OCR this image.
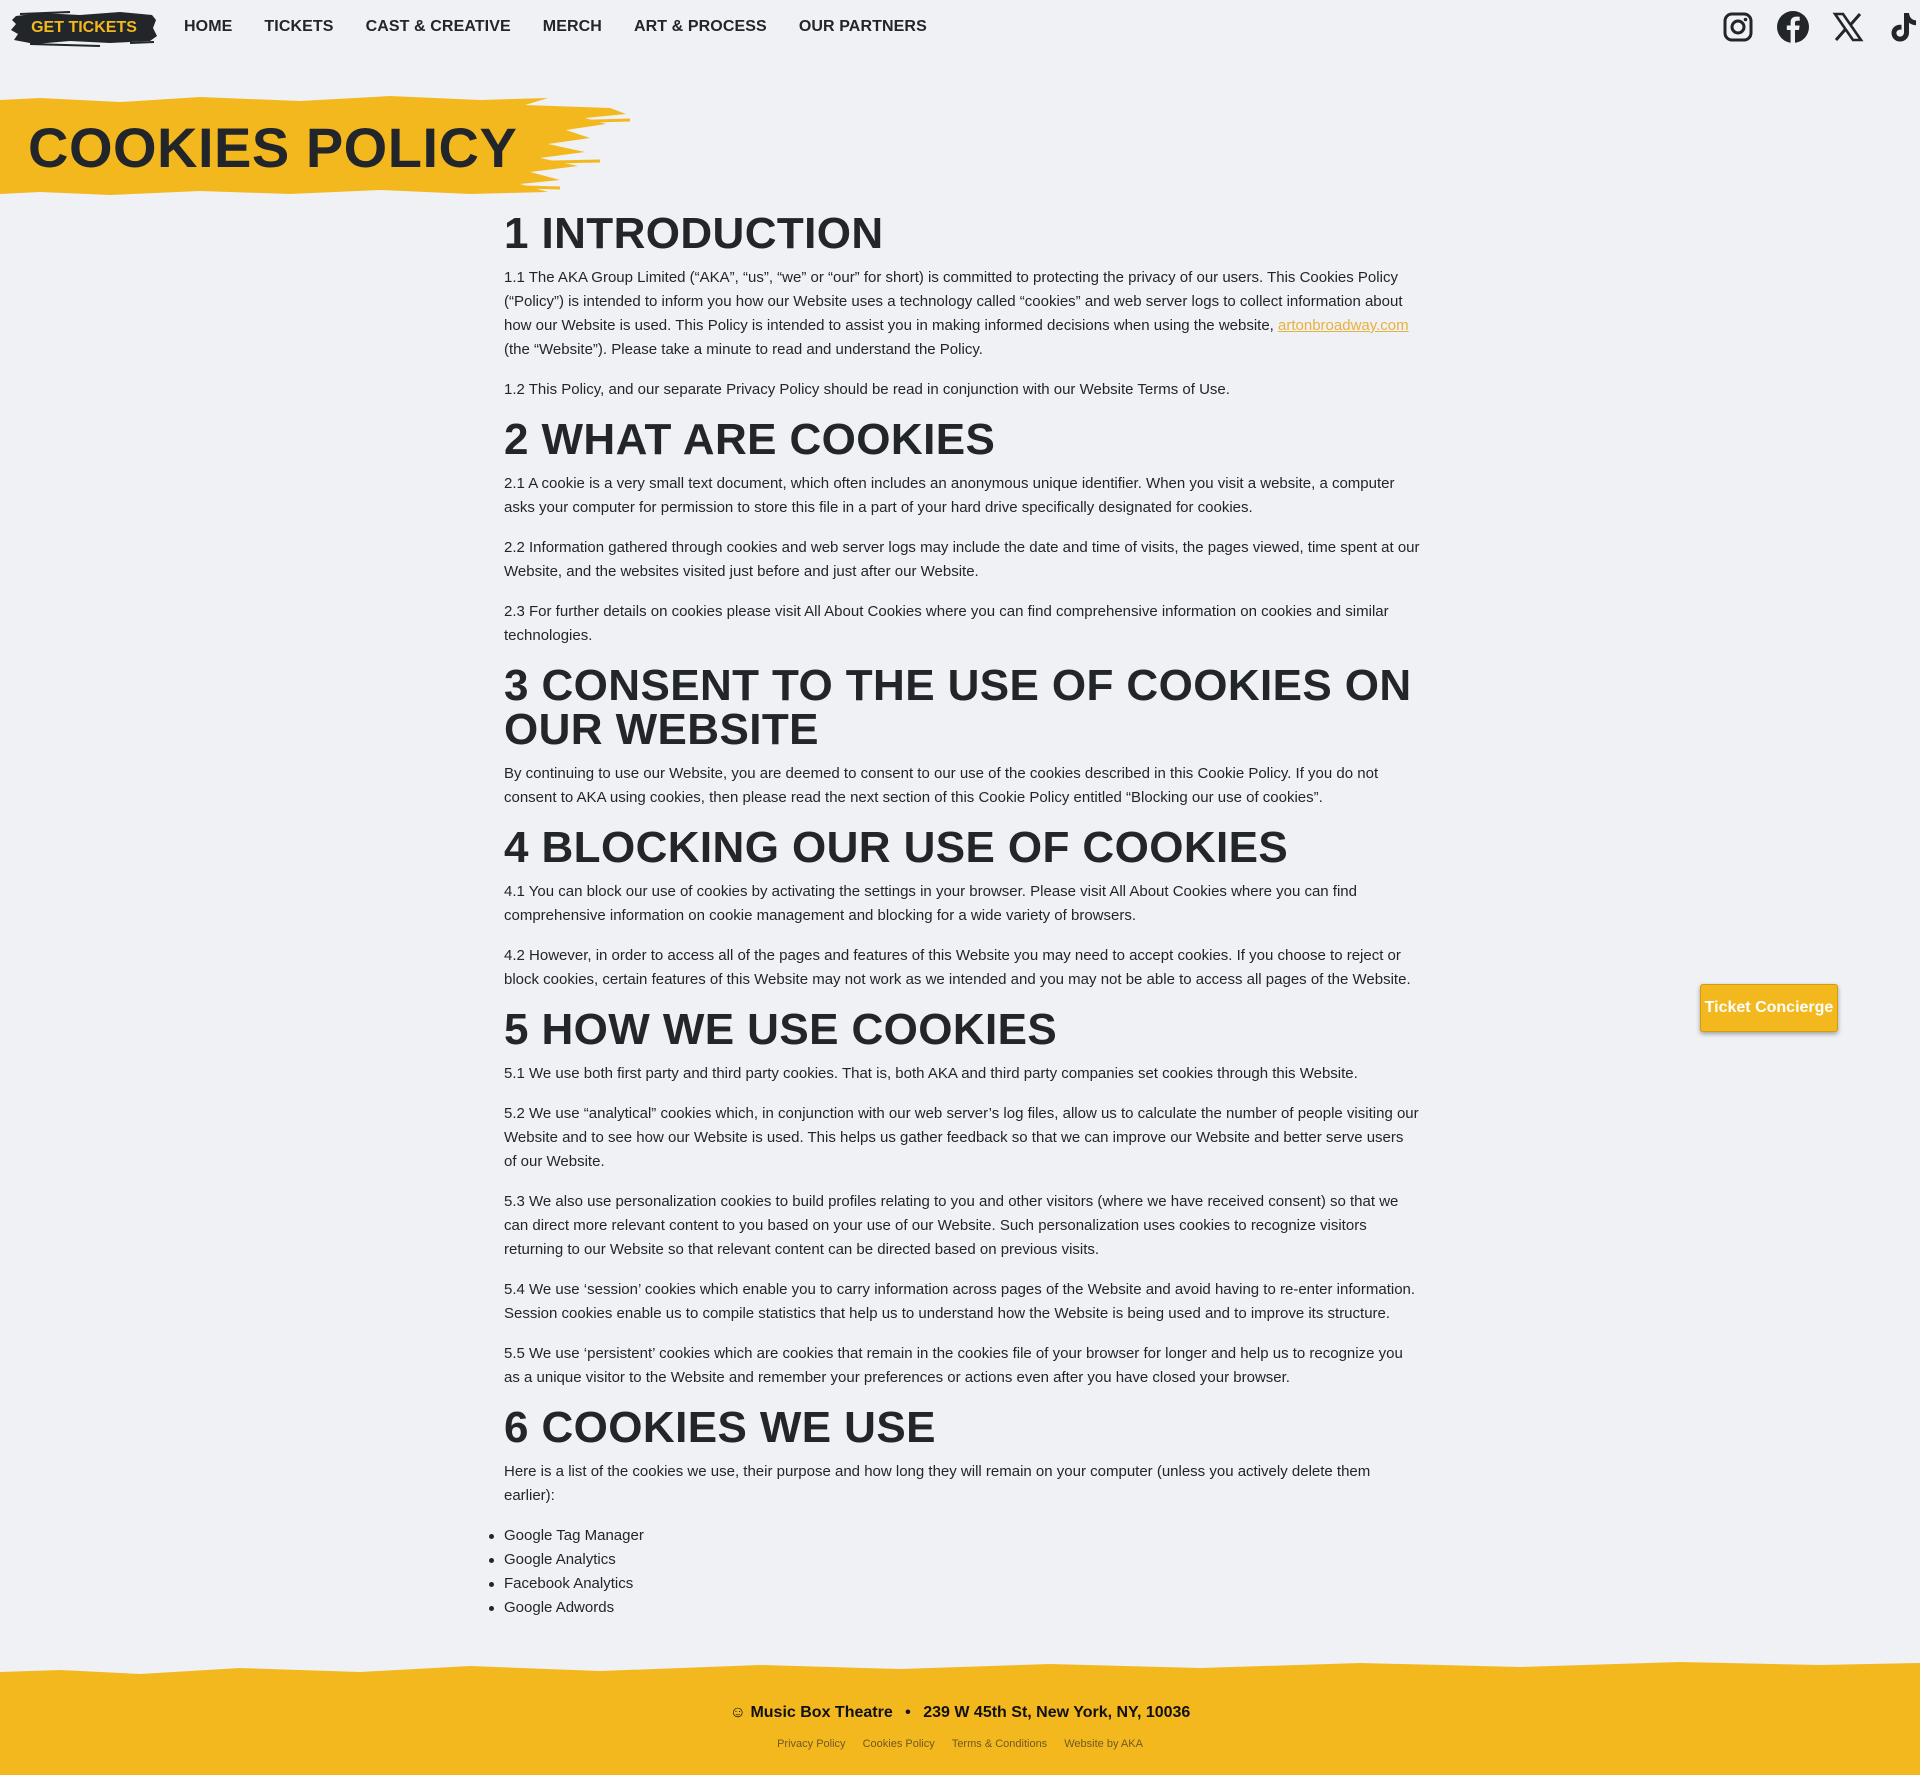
GET TICKETS	HOME TICKETS CAST & CREATIVE MERCH ART & PROCESS OUR PARTNERS
COOKIES POLICY
1 INTRODUCTION

1.1 The AKA Group Limited (“AKA”, “us”, “we” or “our” for short) is committed to protecting the privacy of our users. This Cookies Policy (“Policy”) is intended to inform you how our Website uses a technology called “cookies” and web server logs to collect information about how our Website is used. This Policy is intended to assist you in making informed decisions when using the website, artonbroadway.com (the “Website”). Please take a minute to read and understand the Policy.

1.2 This Policy, and our separate Privacy Policy should be read in conjunction with our Website Terms of Use.

2 WHAT ARE COOKIES

2.1 A cookie is a very small text document, which often includes an anonymous unique identifier. When you visit a website, a computer asks your computer for permission to store this file in a part of your hard drive specifically designated for cookies.

2.2 Information gathered through cookies and web server logs may include the date and time of visits, the pages viewed, time spent at our Website, and the websites visited just before and just after our Website.

2.3 For further details on cookies please visit All About Cookies where you can find comprehensive information on cookies and similar technologies.

3 CONSENT TO THE USE OF COOKIES ON OUR WEBSITE

By continuing to use our Website, you are deemed to consent to our use of the cookies described in this Cookie Policy. If you do not consent to AKA using cookies, then please read the next section of this Cookie Policy entitled “Blocking our use of cookies”.

4 BLOCKING OUR USE OF COOKIES

4.1 You can block our use of cookies by activating the settings in your browser. Please visit All About Cookies where you can find comprehensive information on cookie management and blocking for a wide variety of browsers.

4.2 However, in order to access all of the pages and features of this Website you may need to accept cookies. If you choose to reject or block cookies, certain features of this Website may not work as we intended and you may not be able to access all pages of the Website.

5 HOW WE USE COOKIES

5.1 We use both first party and third party cookies. That is, both AKA and third party companies set cookies through this Website.

5.2 We use “analytical” cookies which, in conjunction with our web server’s log files, allow us to calculate the number of people visiting our Website and to see how our Website is used. This helps us gather feedback so that we can improve our Website and better serve users of our Website.

5.3 We also use personalization cookies to build profiles relating to you and other visitors (where we have received consent) so that we can direct more relevant content to you based on your use of our Website. Such personalization uses cookies to recognize visitors returning to our Website so that relevant content can be directed based on previous visits.

5.4 We use ‘session’ cookies which enable you to carry information across pages of the Website and avoid having to re-enter information. Session cookies enable us to compile statistics that help us to understand how the Website is being used and to improve its structure.

5.5 We use ‘persistent’ cookies which are cookies that remain in the cookies file of your browser for longer and help us to recognize you as a unique visitor to the Website and remember your preferences or actions even after you have closed your browser.

6 COOKIES WE USE

Here is a list of the cookies we use, their purpose and how long they will remain on your computer (unless you actively delete them earlier):

Google Tag Manager
Google Analytics
Facebook Analytics
Google Adwords
Ticket Concierge
☺ Music Box Theatre • 239 W 45th St, New York, NY, 10036
Privacy Policy Cookies Policy Terms & Conditions Website by AKA
